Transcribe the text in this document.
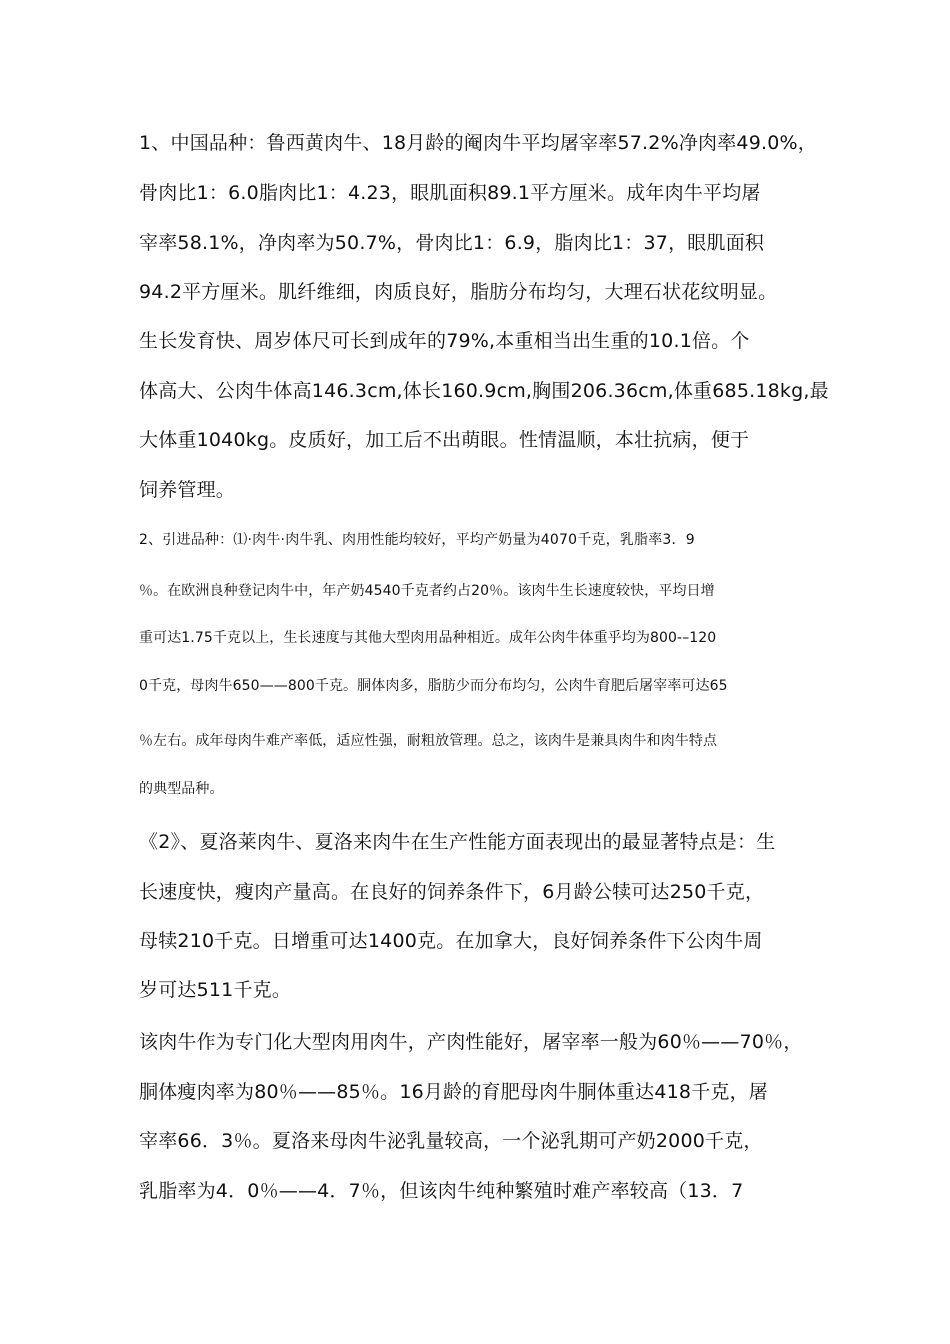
1、中国品种：鲁西黄肉牛、18月龄的阉肉牛平均屠宰率57.2%净肉率49.0%，

骨肉比1：6.0脂肉比1：4.23，眼肌面积89.1平方厘米。成年肉牛平均屠

宰率58.1%，净肉率为50.7%，骨肉比1：6.9，脂肉比1：37，眼肌面积

94.2平方厘米。肌纤维细，肉质良好，脂肪分布均匀，大理石状花纹明显。

生长发育快、周岁体尺可长到成年的79%,本重相当出生重的10.1倍。个

体高大、公肉牛体高146.3cm,体长160.9cm,胸围206.36cm,体重685.18kg,最

大体重1040kg。皮质好，加工后不出萌眼。性情温顺，本壮抗病，便于

饲养管理。

2、引进品种：⑴·肉牛·肉牛乳、肉用性能均较好，平均产奶量为4070千克，乳脂率3．9

％。在欧洲良种登记肉牛中，年产奶4540千克者约占20％。该肉牛生长速度较快，平均日增

重可达1.75千克以上，生长速度与其他大型肉用品种相近。成年公肉牛体重乎均为800-–120

0千克，母肉牛650——800千克。胴体肉多，脂肪少而分布均匀，公肉牛育肥后屠宰率可达65

％左右。成年母肉牛难产率低，适应性强，耐粗放管理。总之，该肉牛是兼具肉牛和肉牛特点

的典型品种。

《2》、夏洛莱肉牛、夏洛来肉牛在生产性能方面表现出的最显著特点是：生

长速度快，瘦肉产量高。在良好的饲养条件下，6月龄公犊可达250千克，

母犊210千克。日增重可达1400克。在加拿大，良好饲养条件下公肉牛周

岁可达511千克。

该肉牛作为专门化大型肉用肉牛，产肉性能好，屠宰率一般为60％——70％，

胴体瘦肉率为80％——85％。16月龄的育肥母肉牛胴体重达418千克，屠

宰率66．3％。夏洛来母肉牛泌乳量较高，一个泌乳期可产奶2000千克，

乳脂率为4．0％——4．7％，但该肉牛纯种繁殖时难产率较高（13．7
